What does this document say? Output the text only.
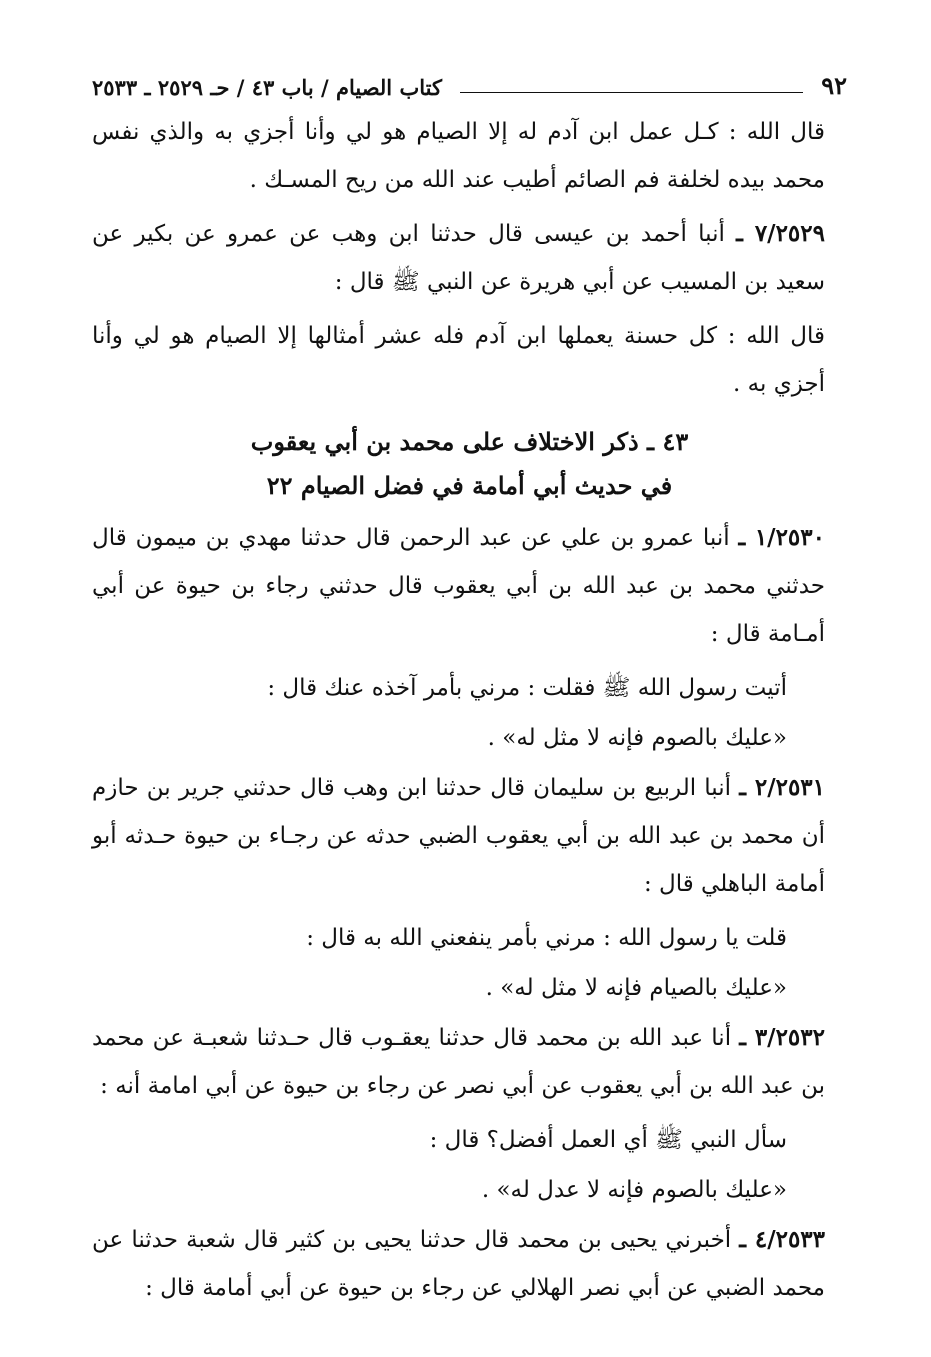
٩٢
كتاب الصيام / باب ٤٣ / حـ ٢٥٢٩ ـ ٢٥٣٣

قال الله : كـل عمل ابن آدم له إلا الصيام هو لي وأنا أجزي به والذي نفس محمد بيده لخلفة فم الصائم أطيب عند الله من ريح المسـك .

٧/٢٥٢٩ ـ أنبا أحمد بن عيسى قال حدثنا ابن وهب عن عمرو عن بكير عن سعيد بن المسيب عن أبي هريرة عن النبي ﷺ قال :

قال الله : كل حسنة يعملها ابن آدم فله عشر أمثالها إلا الصيام هو لي وأنا أجزي به .

٤٣ ـ ذكر الاختلاف على محمد بن أبي يعقوب
في حديث أبي أمامة في فضل الصيام ٢٢

١/٢٥٣٠ ـ أنبا عمرو بن علي عن عبد الرحمن قال حدثنا مهدي بن ميمون قال حدثني محمد بن عبد الله بن أبي يعقوب قال حدثني رجاء بن حيوة عن أبي أمـامة قال :

أتيت رسول الله ﷺ فقلت : مرني بأمر آخذه عنك قال :

«عليك بالصوم فإنه لا مثل له» .

٢/٢٥٣١ ـ أنبا الربيع بن سليمان قال حدثنا ابن وهب قال حدثني جرير بن حازم أن محمد بن عبد الله بن أبي يعقوب الضبي حدثه عن رجـاء بن حيوة حـدثه أبو أمامة الباهلي قال :

قلت يا رسول الله : مرني بأمر ينفعني الله به قال :

«عليك بالصيام فإنه لا مثل له» .

٣/٢٥٣٢ ـ أنا عبد الله بن محمد قال حدثنا يعقـوب قال حـدثنا شعبـة عن محمد بن عبد الله بن أبي يعقوب عن أبي نصر عن رجاء بن حيوة عن أبي امامة أنه :

سأل النبي ﷺ أي العمل أفضل؟ قال :

«عليك بالصوم فإنه لا عدل له» .

٤/٢٥٣٣ ـ أخبرني يحيى بن محمد قال حدثنا يحيى بن كثير قال شعبة حدثنا عن محمد الضبي عن أبي نصر الهلالي عن رجاء بن حيوة عن أبي أمامة قال :
